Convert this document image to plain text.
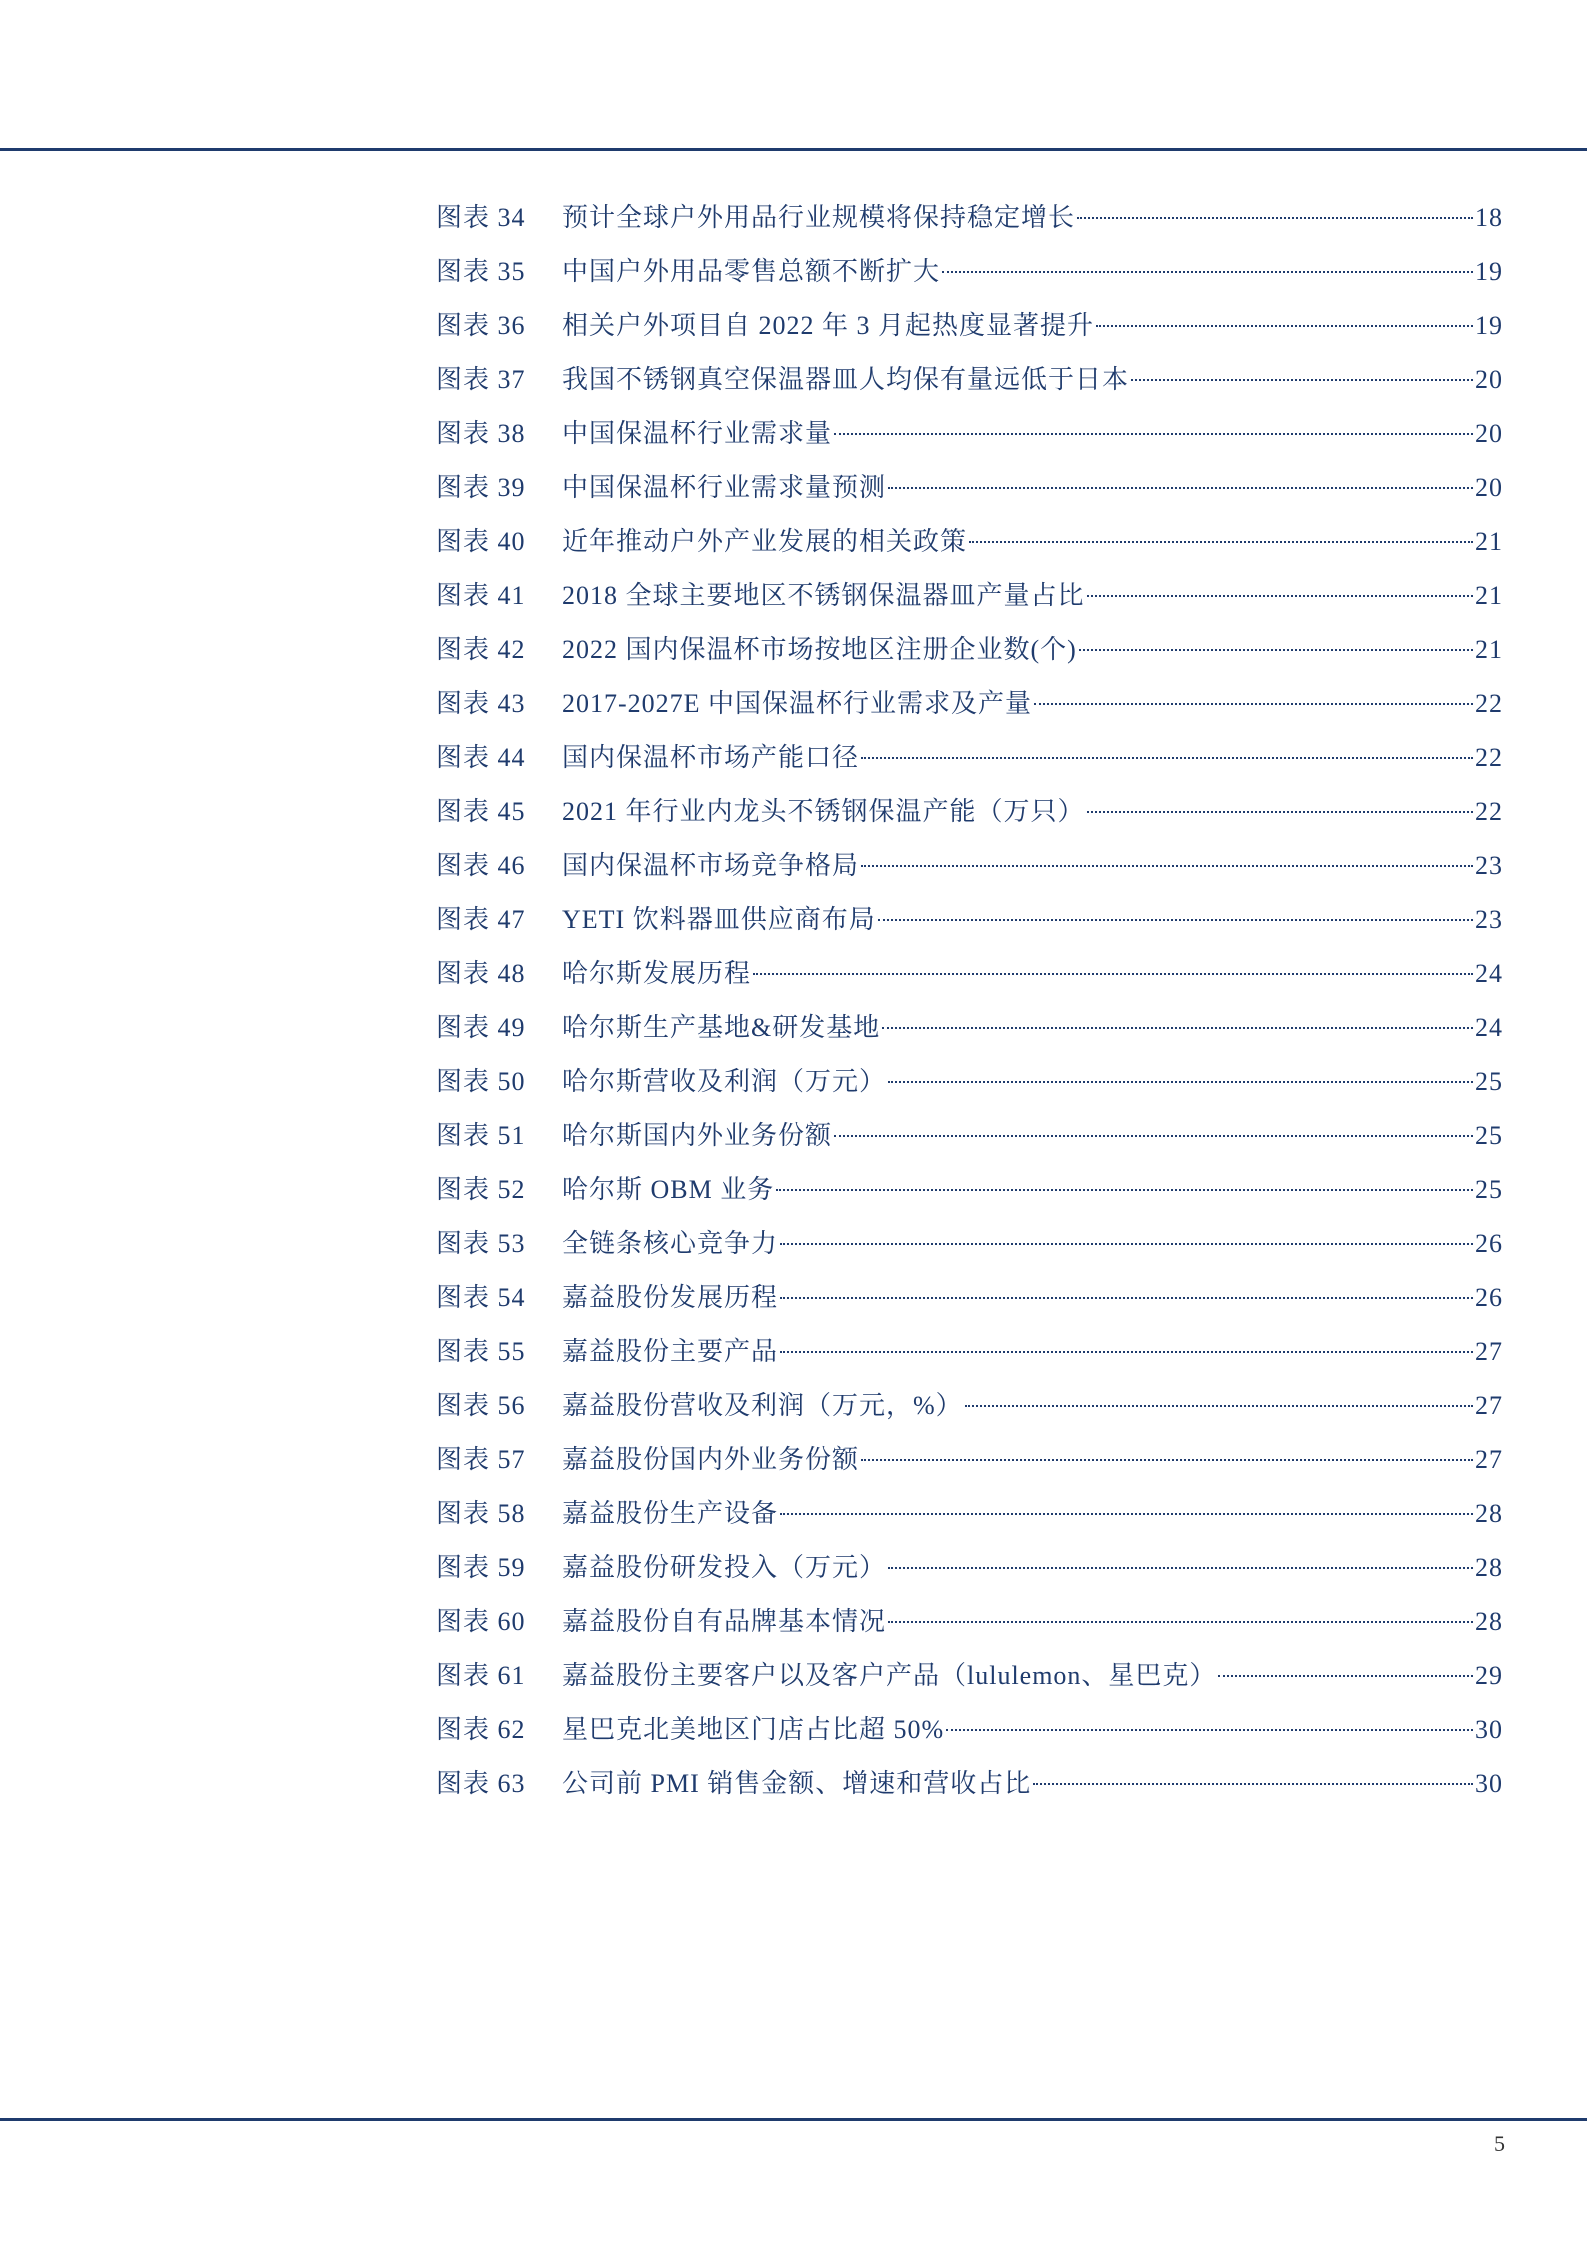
图表 34	预计全球户外用品行业规模将保持稳定增长	18
图表 35	中国户外用品零售总额不断扩大	19
图表 36	相关户外项目自 2022 年 3 月起热度显著提升	19
图表 37	我国不锈钢真空保温器皿人均保有量远低于日本	20
图表 38	中国保温杯行业需求量	20
图表 39	中国保温杯行业需求量预测	20
图表 40	近年推动户外产业发展的相关政策	21
图表 41	2018 全球主要地区不锈钢保温器皿产量占比	21
图表 42	2022 国内保温杯市场按地区注册企业数(个)	21
图表 43	2017-2027E 中国保温杯行业需求及产量	22
图表 44	国内保温杯市场产能口径	22
图表 45	2021 年行业内龙头不锈钢保温产能（万只）	22
图表 46	国内保温杯市场竞争格局	23
图表 47	YETI 饮料器皿供应商布局	23
图表 48	哈尔斯发展历程	24
图表 49	哈尔斯生产基地&研发基地	24
图表 50	哈尔斯营收及利润（万元）	25
图表 51	哈尔斯国内外业务份额	25
图表 52	哈尔斯 OBM 业务	25
图表 53	全链条核心竞争力	26
图表 54	嘉益股份发展历程	26
图表 55	嘉益股份主要产品	27
图表 56	嘉益股份营收及利润（万元，%）	27
图表 57	嘉益股份国内外业务份额	27
图表 58	嘉益股份生产设备	28
图表 59	嘉益股份研发投入（万元）	28
图表 60	嘉益股份自有品牌基本情况	28
图表 61	嘉益股份主要客户以及客户产品（lululemon、星巴克）	29
图表 62	星巴克北美地区门店占比超 50%	30
图表 63	公司前 PMI 销售金额、增速和营收占比	30
5
